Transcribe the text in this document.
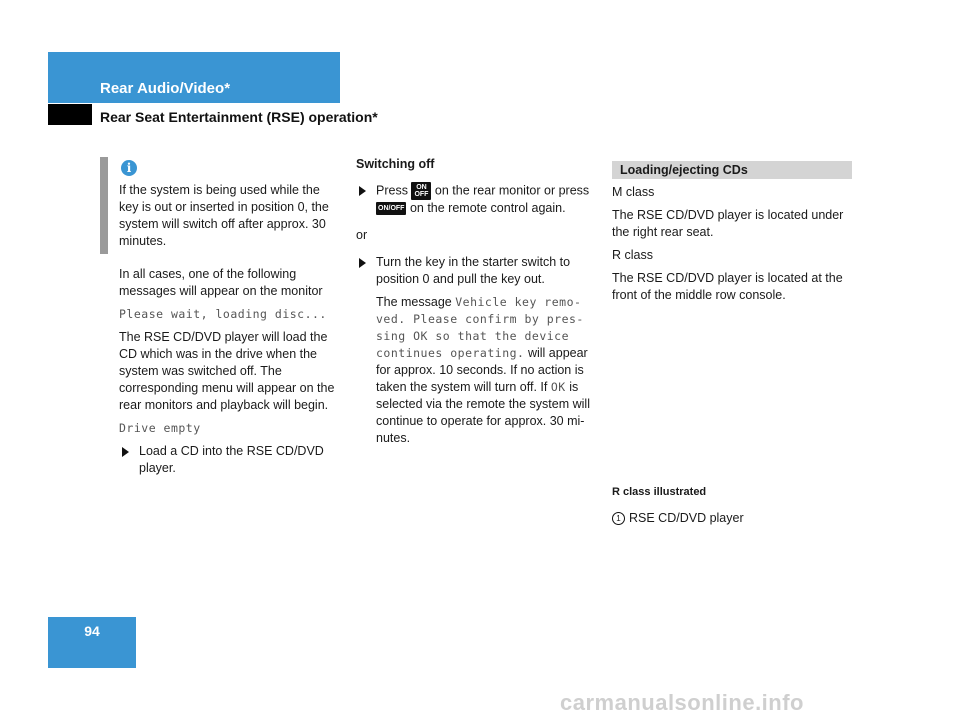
Rear Audio/Video*
Rear Seat Entertainment (RSE) operation*
i

If the system is being used while the key is out or inserted in position 0, the system will switch off after approx. 30 minutes.

In all cases, one of the following messages will appear on the monitor

Please wait, loading disc...

The RSE CD/DVD player will load the CD which was in the drive when the system was switched off. The corresponding menu will appear on the rear monitors and playback will begin.

Drive empty

Load a CD into the RSE CD/DVD player.

Switching off

Press ON
OFF on the rear monitor or press ON/OFF on the remote control again.

or

Turn the key in the starter switch to position 0 and pull the key out.

The message Vehicle key remo-ved. Please confirm by pres-sing OK so that the device continues operating. will appear for approx. 10 seconds. If no action is taken the system will turn off. If OK is selected via the remote the system will continue to operate for approx. 30 mi-nutes.

Loading/ejecting CDs

M class

The RSE CD/DVD player is located under the right rear seat.

R class

The RSE CD/DVD player is located at the front of the middle row console.

R class illustrated
1 RSE CD/DVD player
94
carmanualsonline.info
